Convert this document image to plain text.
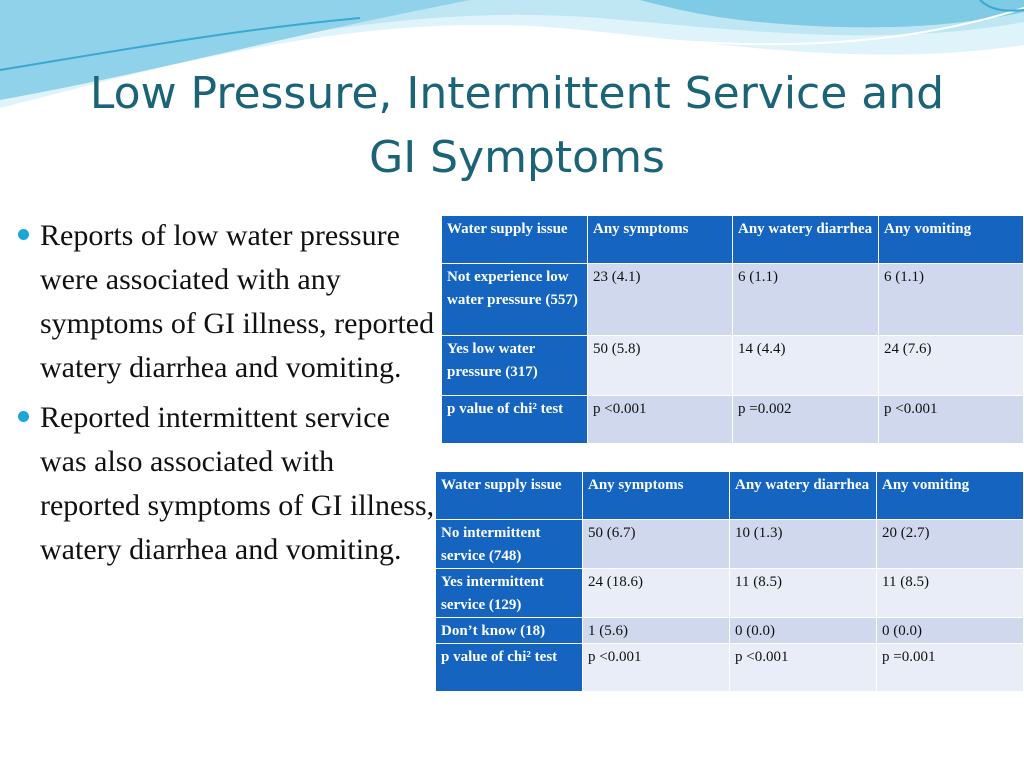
Low Pressure, Intermittent Service and
GI Symptoms
Reports of low water pressure were associated with any symptoms of GI illness, reported watery diarrhea and vomiting.
Reported intermittent service was also associated with reported symptoms of GI illness, watery diarrhea and vomiting.
Water supply issue	Any symptoms	Any watery diarrhea	Any vomiting
Not experience low water pressure (557)	23 (4.1)	6 (1.1)	6 (1.1)
Yes low water pressure (317)	50 (5.8)	14 (4.4)	24 (7.6)
p value of chi² test	p <0.001	p =0.002	p <0.001
Water supply issue	Any symptoms	Any watery diarrhea	Any vomiting
No intermittent service (748)	50 (6.7)	10 (1.3)	20 (2.7)
Yes intermittent service (129)	24 (18.6)	11 (8.5)	11 (8.5)
Don’t know (18)	1 (5.6)	0 (0.0)	0 (0.0)
p value of chi² test	p <0.001	p <0.001	p =0.001
